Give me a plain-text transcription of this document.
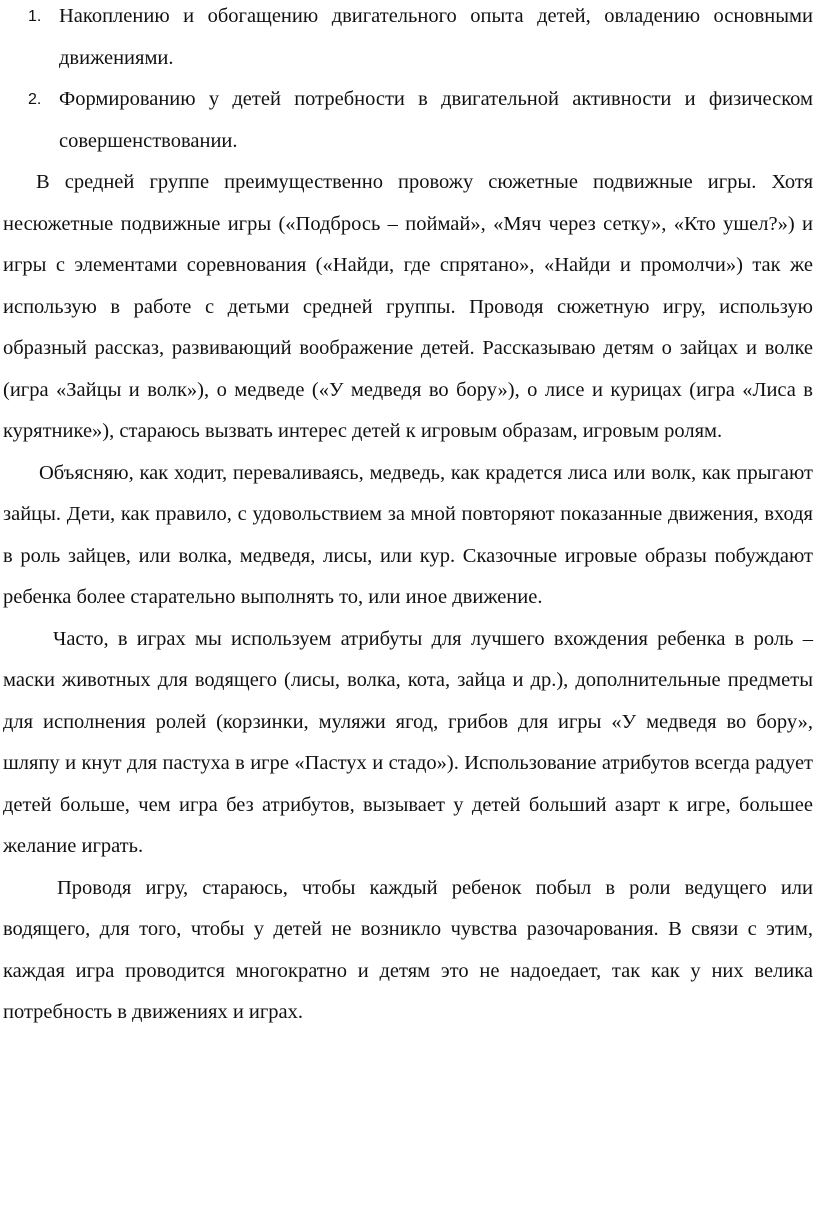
1. Накоплению и обогащению двигательного опыта детей, овладению основными движениями.
2. Формированию у детей потребности в двигательной активности и физическом совершенствовании.

В средней группе преимущественно провожу сюжетные подвижные игры. Хотя несюжетные подвижные игры («Подбрось – поймай», «Мяч через сетку», «Кто ушел?») и игры с элементами соревнования («Найди, где спрятано», «Найди и промолчи») так же использую в работе с детьми средней группы. Проводя сюжетную игру, использую образный рассказ, развивающий воображение детей. Рассказываю детям о зайцах и волке (игра «Зайцы и волк»), о медведе («У медведя во бору»), о лисе и курицах (игра «Лиса в курятнике»), стараюсь вызвать интерес детей к игровым образам, игровым ролям.

Объясняю, как ходит, переваливаясь, медведь, как крадется лиса или волк, как прыгают зайцы. Дети, как правило, с удовольствием за мной повторяют показанные движения, входя в роль зайцев, или волка, медведя, лисы, или кур. Сказочные игровые образы побуждают ребенка более старательно выполнять то, или иное движение.

Часто, в играх мы используем атрибуты для лучшего вхождения ребенка в роль – маски животных для водящего (лисы, волка, кота, зайца и др.), дополнительные предметы для исполнения ролей (корзинки, муляжи ягод, грибов для игры «У медведя во бору», шляпу и кнут для пастуха в игре «Пастух и стадо»). Использование атрибутов всегда радует детей больше, чем игра без атрибутов, вызывает у детей больший азарт к игре, большее желание играть.

Проводя игру, стараюсь, чтобы каждый ребенок побыл в роли ведущего или водящего, для того, чтобы у детей не возникло чувства разочарования. В связи с этим, каждая игра проводится многократно и детям это не надоедает, так как у них велика потребность в движениях и играх.
